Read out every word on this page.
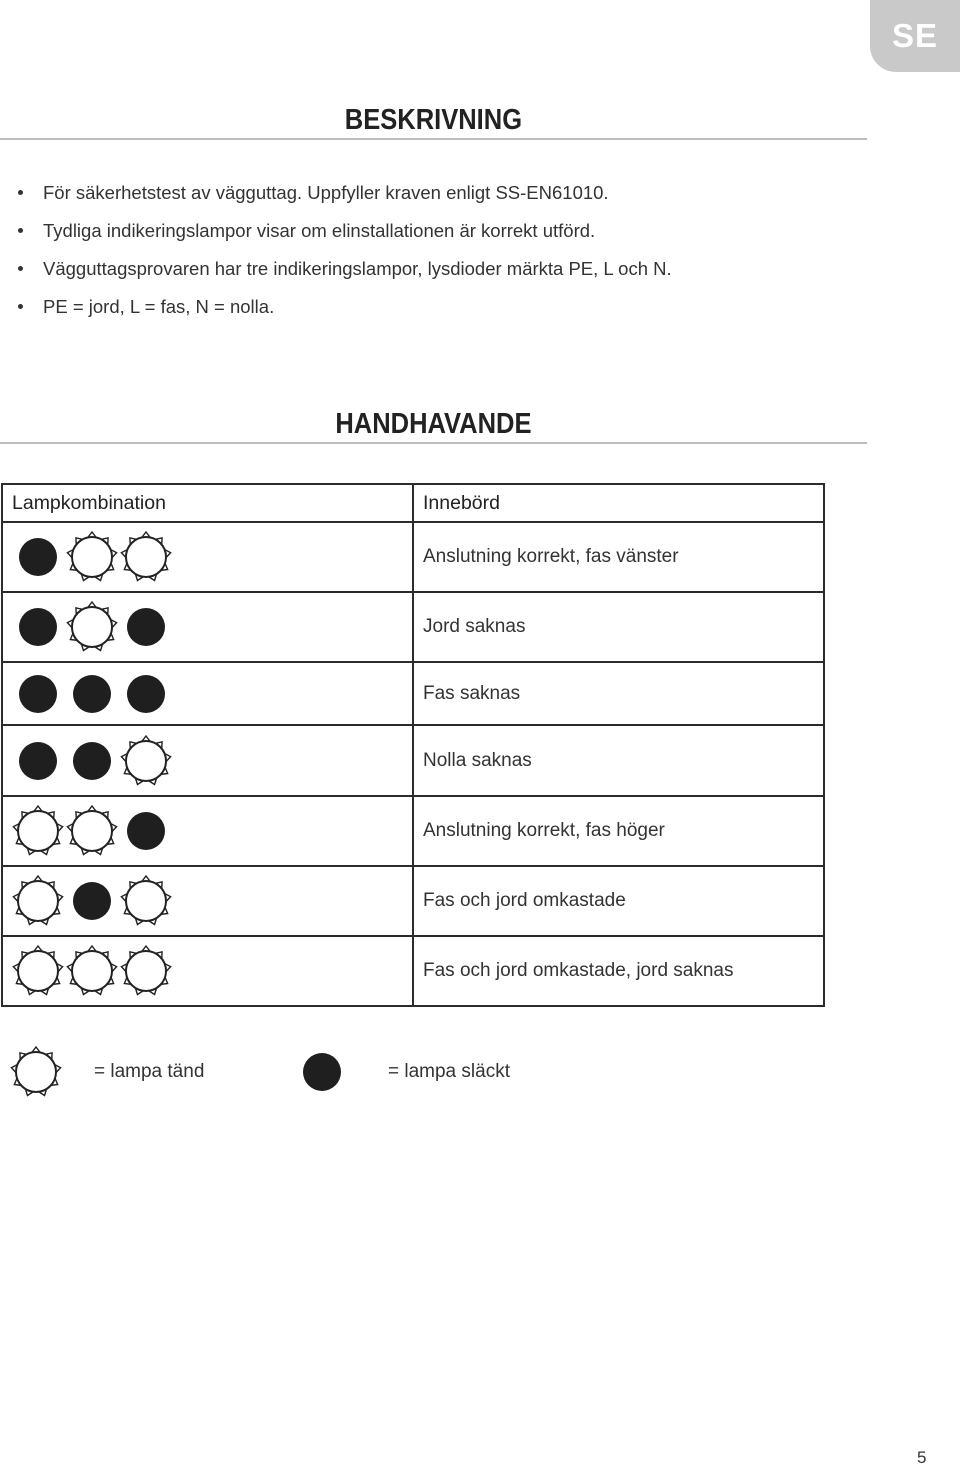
SE
BESKRIVNING
För säkerhetstest av vägguttag. Uppfyller kraven enligt SS-EN61010.
Tydliga indikeringslampor visar om elinstallationen är korrekt utförd.
Vägguttagsprovaren har tre indikeringslampor, lysdioder märkta PE, L och N.
PE = jord, L = fas, N = nolla.
HANDHAVANDE
Lampkombination	Innebörd

	Anslutning korrekt, fas vänster

	Jord saknas

	Fas saknas

	Nolla saknas

	Anslutning korrekt, fas höger

	Fas och jord omkastade

	Fas och jord omkastade, jord saknas
= lampa tänd	= lampa släckt
5
